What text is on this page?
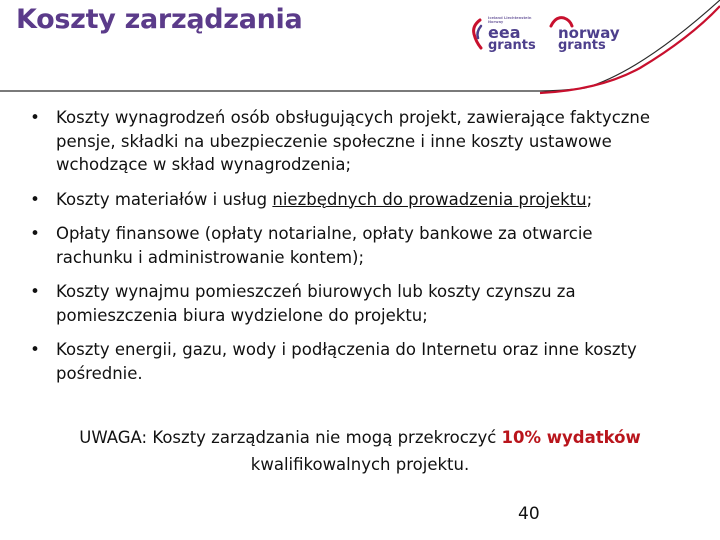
Koszty zarządzania	Iceland Liechtenstein Norway
eea
grants
norway
grants
• Koszty wynagrodzeń osób obsługujących projekt, zawierające faktyczne pensje, składki na ubezpieczenie społeczne i inne koszty ustawowe wchodzące w skład wynagrodzenia;
• Koszty materiałów i usług niezbędnych do prowadzenia projektu;
• Opłaty finansowe (opłaty notarialne, opłaty bankowe za otwarcie rachunku i administrowanie kontem);
• Koszty wynajmu pomieszczeń biurowych lub koszty czynszu za pomieszczenia biura wydzielone do projektu;
• Koszty energii, gazu, wody i podłączenia do Internetu oraz inne koszty pośrednie.
UWAGA: Koszty zarządzania nie mogą przekroczyć 10% wydatków
kwalifikowalnych projektu.
40
